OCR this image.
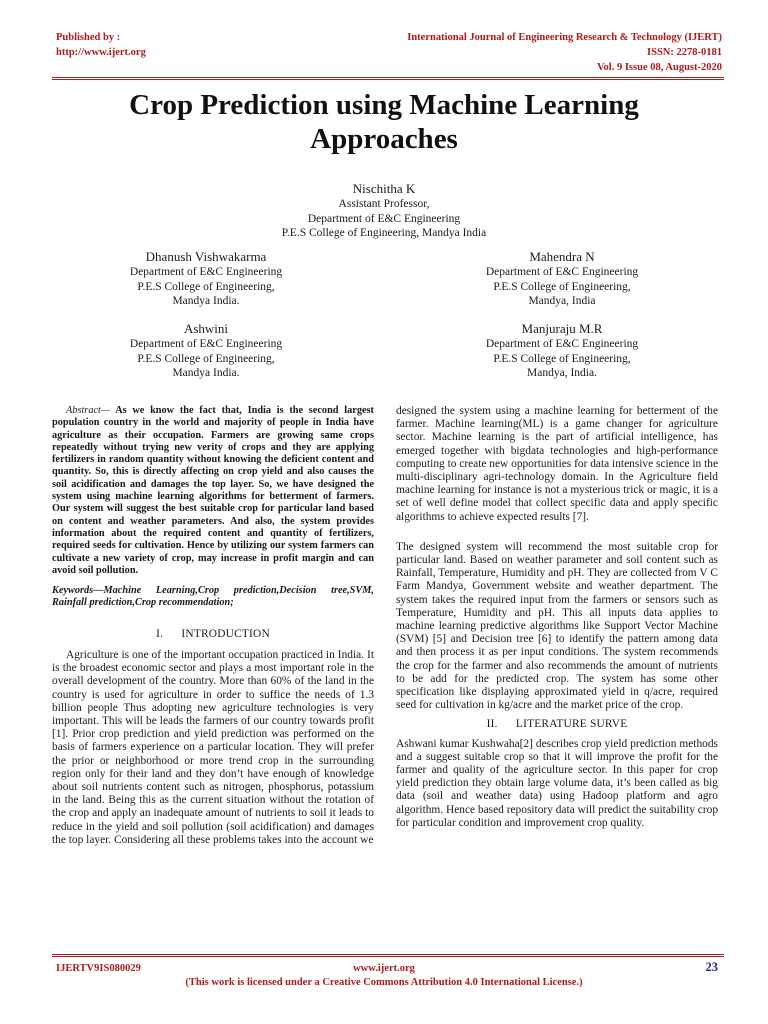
Published by :
http://www.ijert.org
International Journal of Engineering Research & Technology (IJERT)
ISSN: 2278-0181
Vol. 9 Issue 08, August-2020
Crop Prediction using Machine Learning Approaches
Nischitha K
Assistant Professor,
Department of E&C Engineering
P.E.S College of Engineering, Mandya India
Dhanush Vishwakarma
Department of E&C Engineering
P.E.S College of Engineering,
Mandya India.
Mahendra N
Department of E&C Engineering
P.E.S College of Engineering,
Mandya, India
Ashwini
Department of E&C Engineering
P.E.S College of Engineering,
Mandya India.
Manjuraju M.R
Department of E&C Engineering
P.E.S College of Engineering,
Mandya, India.

Abstract— As we know the fact that, India is the second largest population country in the world and majority of people in India have agriculture as their occupation. Farmers are growing same crops repeatedly without trying new verity of crops and they are applying fertilizers in random quantity without knowing the deficient content and quantity. So, this is directly affecting on crop yield and also causes the soil acidification and damages the top layer. So, we have designed the system using machine learning algorithms for betterment of farmers. Our system will suggest the best suitable crop for particular land based on content and weather parameters. And also, the system provides information about the required content and quantity of fertilizers, required seeds for cultivation. Hence by utilizing our system farmers can cultivate a new variety of crop, may increase in profit margin and can avoid soil pollution.

Keywords—Machine Learning,Crop prediction,Decision tree,SVM, Rainfall prediction,Crop recommendation;

I.      INTRODUCTION

Agriculture is one of the important occupation practiced in India. It is the broadest economic sector and plays a most important role in the overall development of the country. More than 60% of the land in the country is used for agriculture in order to suffice the needs of 1.3 billion people Thus adopting new agriculture technologies is very important. This will be leads the farmers of our country towards profit [1]. Prior crop prediction and yield prediction was performed on the basis of farmers experience on a particular location. They will prefer the prior or neighborhood or more trend crop in the surrounding region only for their land and they don’t have enough of knowledge about soil nutrients content such as nitrogen, phosphorus, potassium in the land. Being this as the current situation without the rotation of the crop and apply an inadequate amount of nutrients to soil it leads to reduce in the yield and soil pollution (soil acidification) and damages the top layer. Considering all these problems takes into the account we

designed the system using a machine learning for betterment of the farmer. Machine learning(ML) is a game changer for agriculture sector. Machine learning is the part of artificial intelligence, has emerged together with bigdata technologies and high-performance computing to create new opportunities for data intensive science in the multi-disciplinary agri-technology domain. In the Agriculture field machine learning for instance is not a mysterious trick or magic, it is a set of well define model that collect specific data and apply specific algorithms to achieve expected results [7].

The designed system will recommend the most suitable crop for particular land. Based on weather parameter and soil content such as Rainfall, Temperature, Humidity and pH. They are collected from V C Farm Mandya, Government website and weather department. The system takes the required input from the farmers or sensors such as Temperature, Humidity and pH. This all inputs data applies to machine learning predictive algorithms like Support Vector Machine (SVM) [5] and Decision tree [6] to identify the pattern among data and then process it as per input conditions. The system recommends the crop for the farmer and also recommends the amount of nutrients to be add for the predicted crop. The system has some other specification like displaying approximated yield in q/acre, required seed for cultivation in kg/acre and the market price of the crop.

II.      LITERATURE SURVE

Ashwani kumar Kushwaha[2] describes crop yield prediction methods and a suggest suitable crop so that it will improve the profit for the farmer and quality of the agriculture sector. In this paper for crop yield prediction they obtain large volume data, it’s been called as big data (soil and weather data) using Hadoop platform and agro algorithm. Hence based repository data will predict the suitability crop for particular condition and improvement crop quality.

IJERTV9IS080029	www.ijert.org	23
(This work is licensed under a Creative Commons Attribution 4.0 International License.)
